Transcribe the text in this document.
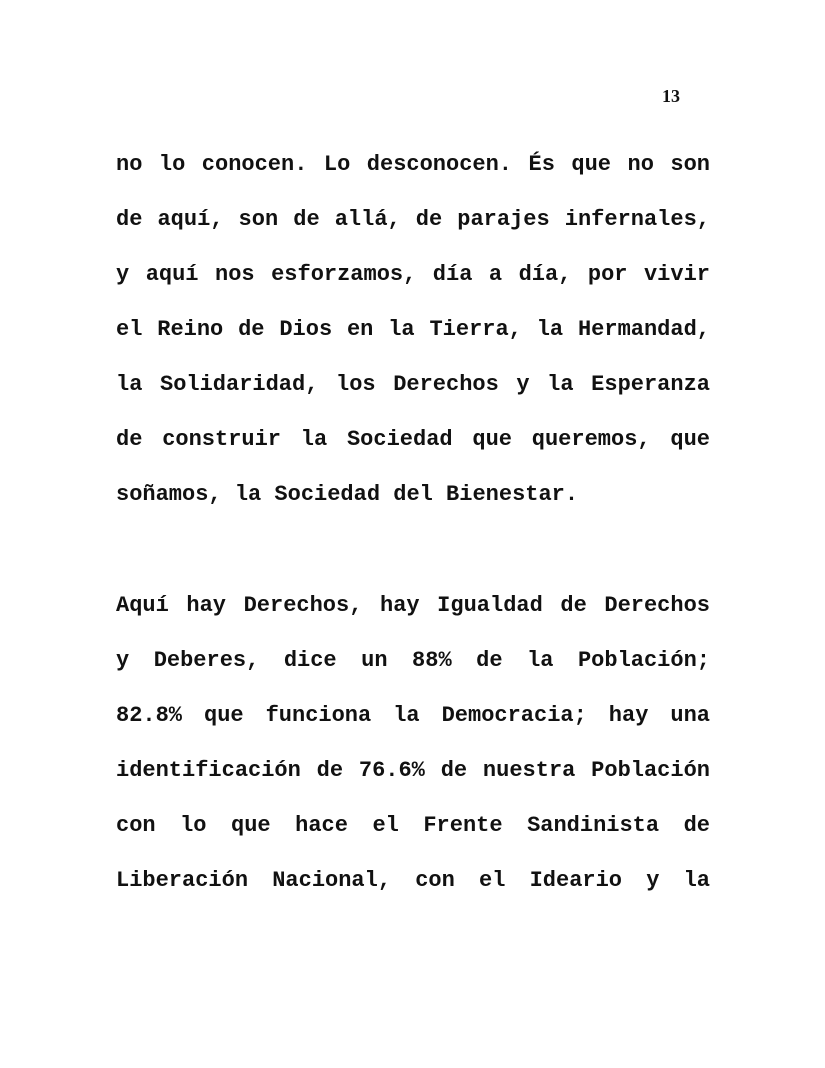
13
no lo conocen. Lo desconocen. És que no son
de aquí, son de allá, de parajes infernales,
y aquí nos esforzamos, día a día, por vivir
el Reino de Dios en la Tierra, la Hermandad,
la Solidaridad, los Derechos y la Esperanza
de construir la Sociedad que queremos, que
soñamos, la Sociedad del Bienestar.
Aquí hay Derechos, hay Igualdad de Derechos
y Deberes, dice un 88% de la Población;
82.8% que funciona la Democracia; hay una
identificación de 76.6% de nuestra Población
con lo que hace el Frente Sandinista de
Liberación Nacional, con el Ideario y la
